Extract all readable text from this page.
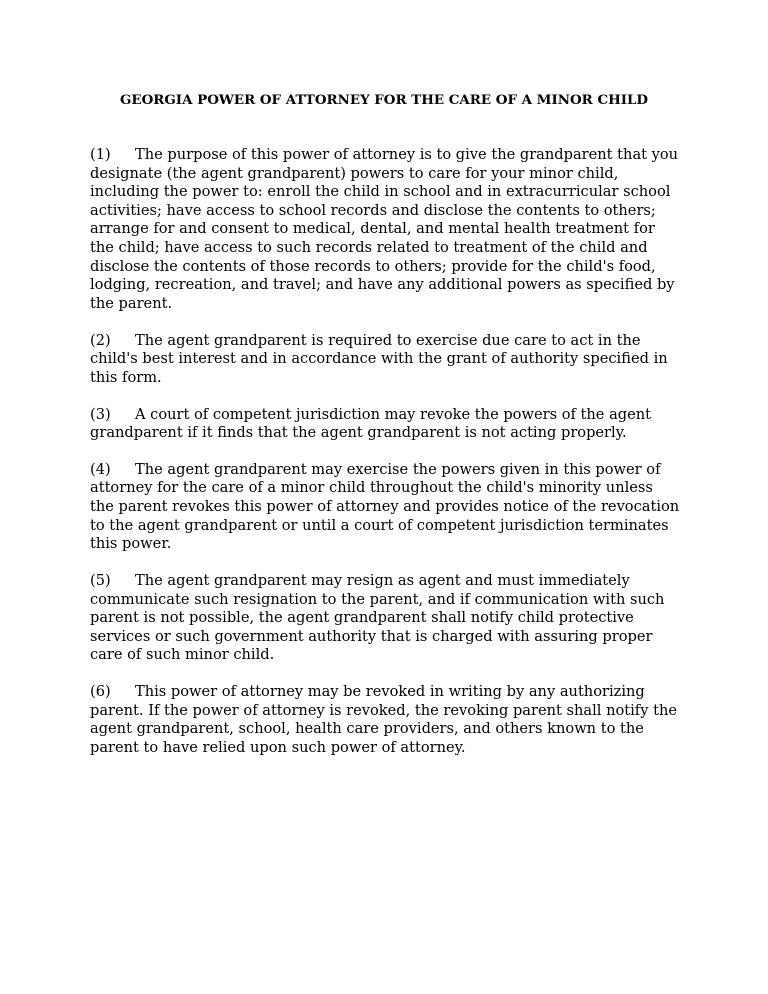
GEORGIA POWER OF ATTORNEY FOR THE CARE OF A MINOR CHILD

(1) The purpose of this power of attorney is to give the grandparent that you designate (the agent grandparent) powers to care for your minor child, including the power to: enroll the child in school and in extracurricular school activities; have access to school records and disclose the contents to others; arrange for and consent to medical, dental, and mental health treatment for the child; have access to such records related to treatment of the child and disclose the contents of those records to others; provide for the child's food, lodging, recreation, and travel; and have any additional powers as specified by the parent.

(2) The agent grandparent is required to exercise due care to act in the child's best interest and in accordance with the grant of authority specified in this form.

(3) A court of competent jurisdiction may revoke the powers of the agent grandparent if it finds that the agent grandparent is not acting properly.

(4) The agent grandparent may exercise the powers given in this power of attorney for the care of a minor child throughout the child's minority unless the parent revokes this power of attorney and provides notice of the revocation to the agent grandparent or until a court of competent jurisdiction terminates this power.

(5) The agent grandparent may resign as agent and must immediately communicate such resignation to the parent, and if communication with such parent is not possible, the agent grandparent shall notify child protective services or such government authority that is charged with assuring proper care of such minor child.

(6) This power of attorney may be revoked in writing by any authorizing parent. If the power of attorney is revoked, the revoking parent shall notify the agent grandparent, school, health care providers, and others known to the parent to have relied upon such power of attorney.
